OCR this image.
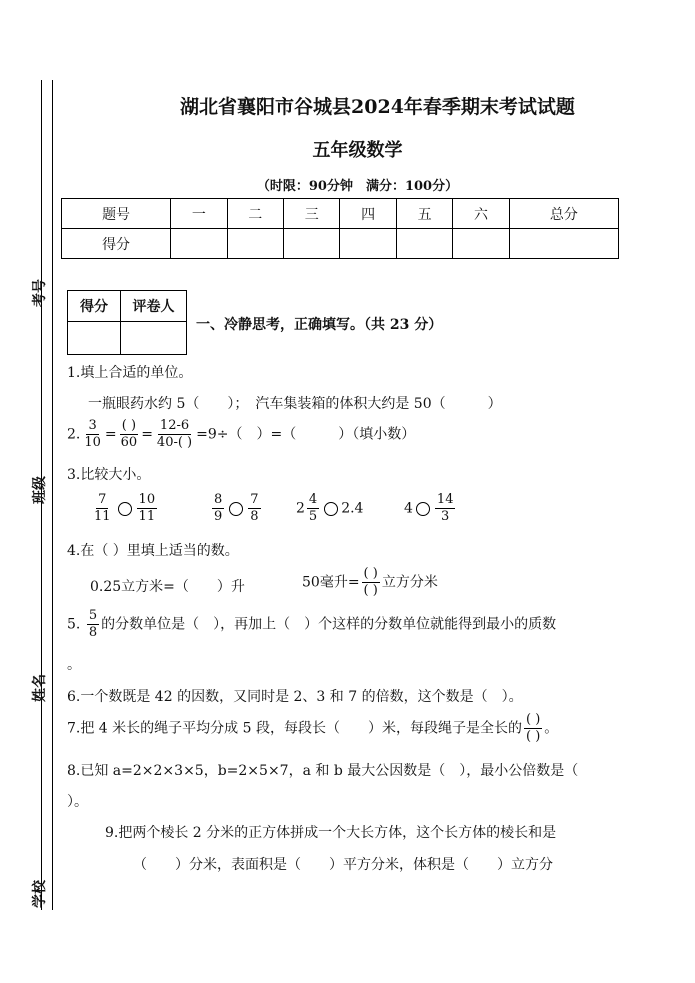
考号
班级
姓名
学校
湖北省襄阳市谷城县2024年春季期末考试试题
五年级数学
（时限：90分钟　满分：100分）
题号	一	二	三	四	五	六	总分
得分							
得分	评卷人

一、冷静思考，正确填写。（共 23 分）
1.填上合适的单位。
一瓶眼药水约 5（　　）；　汽车集装箱的体积大约是 50（　　　）
2. $\frac{3}{10} = \frac{( )}{60} = \frac{12-6}{40-( )} =9\div$（　）=（　　　）（填小数）
3.比较大小。
$\frac{7}{11} \frac{10}{11}$	$\frac{8}{9} \frac{7}{8}$	$2 \frac{4}{5} 2.4$	$4 \frac{14}{3}$
4.在（ ）里填上适当的数。
0.25立方米=（　　）升	50毫升= $\frac{( )}{( )}$ 立方分米
5. $\frac{5}{8}$ 的分数单位是（　），再加上（　）个这样的分数单位就能得到最小的质数
。
6.一个数既是 42 的因数，又同时是 2、3 和 7 的倍数，这个数是（　）。
7.把 4 米长的绳子平均分成 5 段，每段长（　　）米，每段绳子是全长的 $\frac{( )}{( )}$ 。
8.已知 a=2×2×3×5，b=2×5×7，a 和 b 最大公因数是（　），最小公倍数是（
）。
9.把两个棱长 2 分米的正方体拼成一个大长方体，这个长方体的棱长和是
（　　）分米，表面积是（　　）平方分米，体积是（　　）立方分
